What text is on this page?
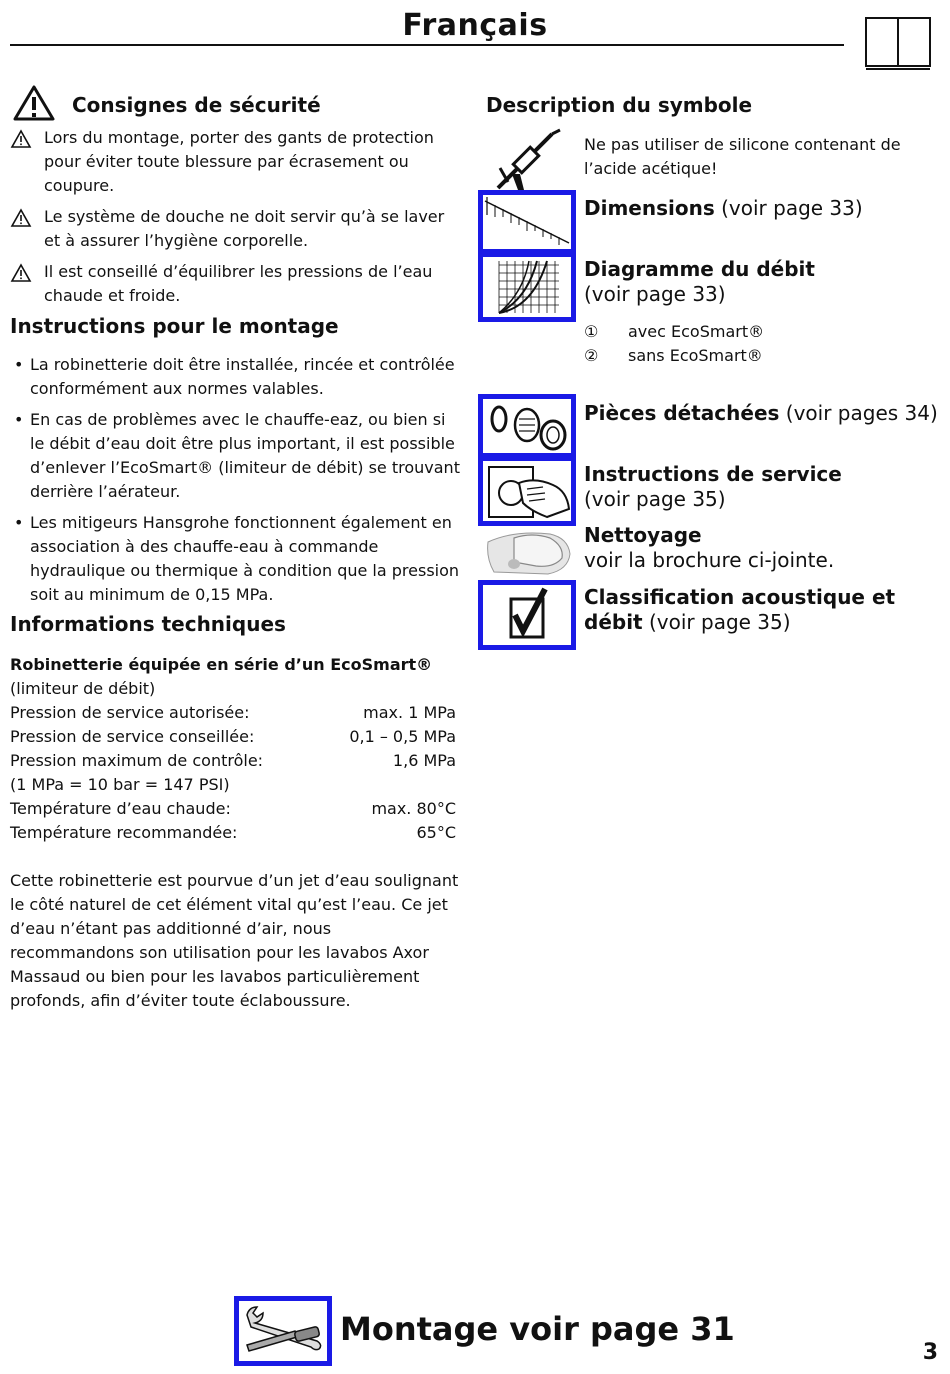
Français
Consignes de sécurité
Lors du montage, porter des gants de protection pour éviter toute blessure par écrasement ou coupure.
Le système de douche ne doit servir qu’à se laver et à assurer l’hygiène corporelle.
Il est conseillé d’équilibrer les pressions de l’eau chaude et froide.
Instructions pour le montage
• La robinetterie doit être installée, rincée et contrôlée conformément aux normes valables.
• En cas de problèmes avec le chauffe-eaz, ou bien si le débit d’eau doit être plus important, il est possible d’enlever l’EcoSmart® (limiteur de débit) se trouvant derrière l’aérateur.
• Les mitigeurs Hansgrohe fonctionnent également en association à des chauffe-eau à commande hydraulique ou thermique à condition que la pression soit au minimum de 0,15 MPa.
Informations techniques
Robinetterie équipée en série d’un EcoSmart®
(limiteur de débit)
Pression de service autorisée:	max. 1 MPa
Pression de service conseillée:	0,1 – 0,5 MPa
Pression maximum de contrôle:	1,6 MPa
(1 MPa = 10 bar = 147 PSI)
Température d’eau chaude:	max. 80°C
Température recommandée:	65°C
Cette robinetterie est pourvue d’un jet d’eau soulignant le côté naturel de cet élément vital qu’est l’eau. Ce jet d’eau n’étant pas additionné d’air, nous recommandons son utilisation pour les lavabos Axor Massaud ou bien pour les lavabos particulièrement profonds, afin d’éviter toute éclaboussure.
Description du symbole
Ne pas utiliser de silicone contenant de l’acide acétique!
Dimensions (voir page 33)
Diagramme du débit
(voir page 33)
① avec EcoSmart®
② sans EcoSmart®
Pièces détachées (voir pages 34)
Instructions de service
(voir page 35)
Nettoyage
voir la brochure ci-jointe.
Classification acoustique et
débit (voir page 35)
Montage voir page 31
3
